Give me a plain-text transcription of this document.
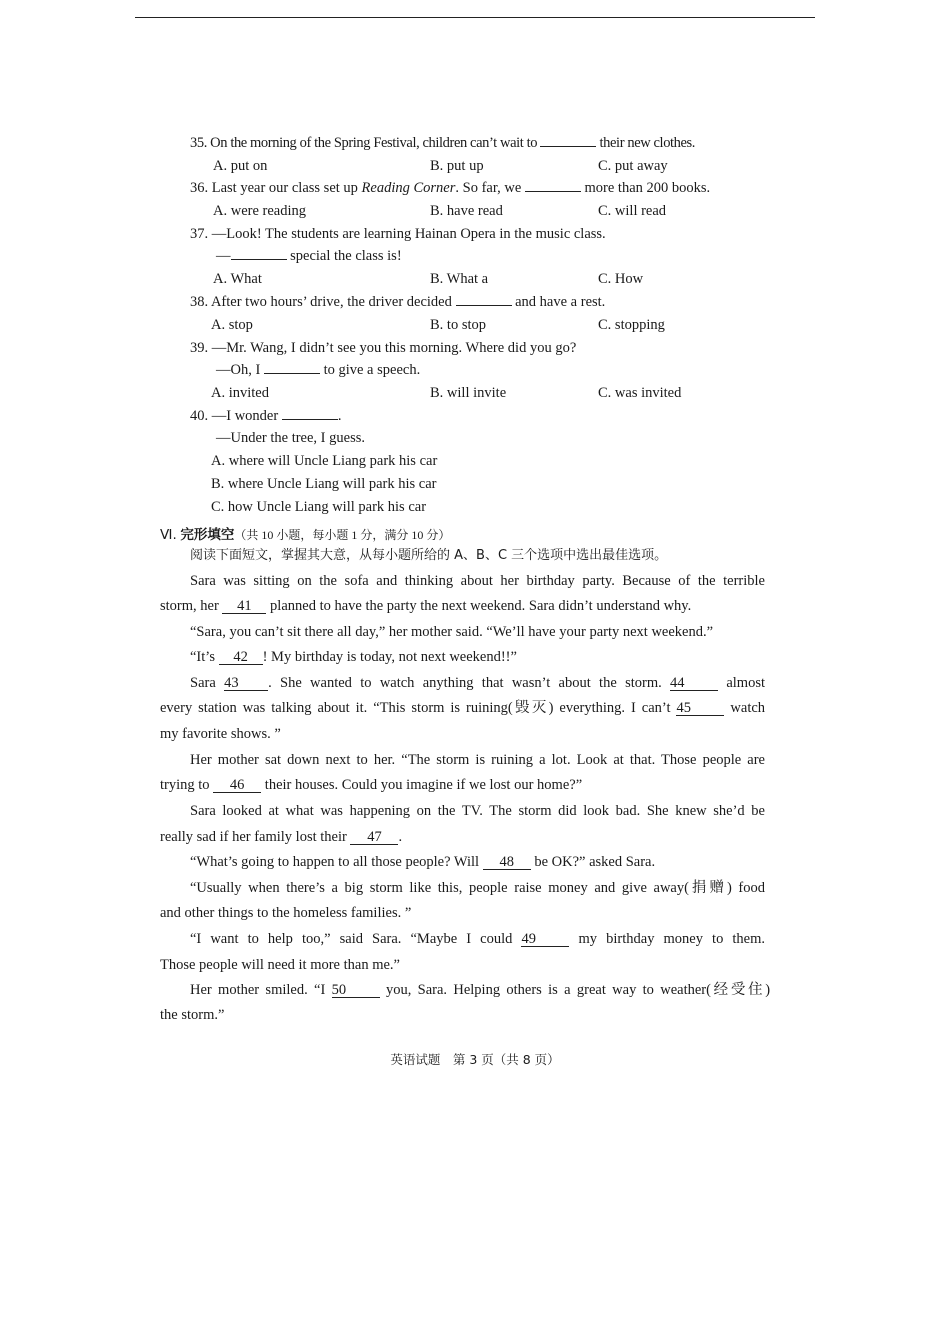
35. On the morning of the Spring Festival, children can’t wait to	their new clothes.
A. put on	B. put up	C. put away
36. Last year our class set up Reading Corner. So far, we	more than 200 books.
A. were reading	B. have read	C. will read
37. —Look! The students are learning Hainan Opera in the music class.
—	special the class is!
A. What	B. What a	C. How
38. After two hours’ drive, the driver decided	and have a rest.
A. stop	B. to stop	C. stopping
39. —Mr. Wang, I didn’t see you this morning. Where did you go?
—Oh, I	to give a speech.
A. invited	B. will invite	C. was invited
40. —I wonder	.
—Under the tree, I guess.
A. where will Uncle Liang park his car
B. where Uncle Liang will park his car
C. how Uncle Liang will park his car
Ⅵ. 完形填空（共 10 小题，每小题 1 分，满分 10 分）
阅读下面短文，掌握其大意，从每小题所给的 A、B、C 三个选项中选出最佳选项。
Sara was sitting on the sofa and thinking about her birthday party. Because of the terrible
storm, her 41 planned to have the party the next weekend. Sara didn’t understand why.
“Sara, you can’t sit there all day,” her mother said. “We’ll have your party next weekend.”
“It’s 42 ! My birthday is today, not next weekend!!”
Sara 43 . She wanted to watch anything that wasn’t about the storm. 44	almost
every station was talking about it. “This storm is ruining(毁灭) everything. I can’t 45	watch
my favorite shows. ”
Her mother sat down next to her. “The storm is ruining a lot. Look at that. Those people are
trying to 46 their houses. Could you imagine if we lost our home?”
Sara looked at what was happening on the TV. The storm did look bad. She knew she’d be
really sad if her family lost their 47 .
“What’s going to happen to all those people? Will 48 be OK?” asked Sara.
“Usually when there’s a big storm like this, people raise money and give away(捐赠) food
and other things to the homeless families. ”
“I want to help too,” said Sara. “Maybe I could 49	my birthday money to them.
Those people will need it more than me.”
Her mother smiled. “I 50	you, Sara. Helping others is a great way to weather(经受住)
the storm.”
英语试题　第 3 页（共 8 页）
